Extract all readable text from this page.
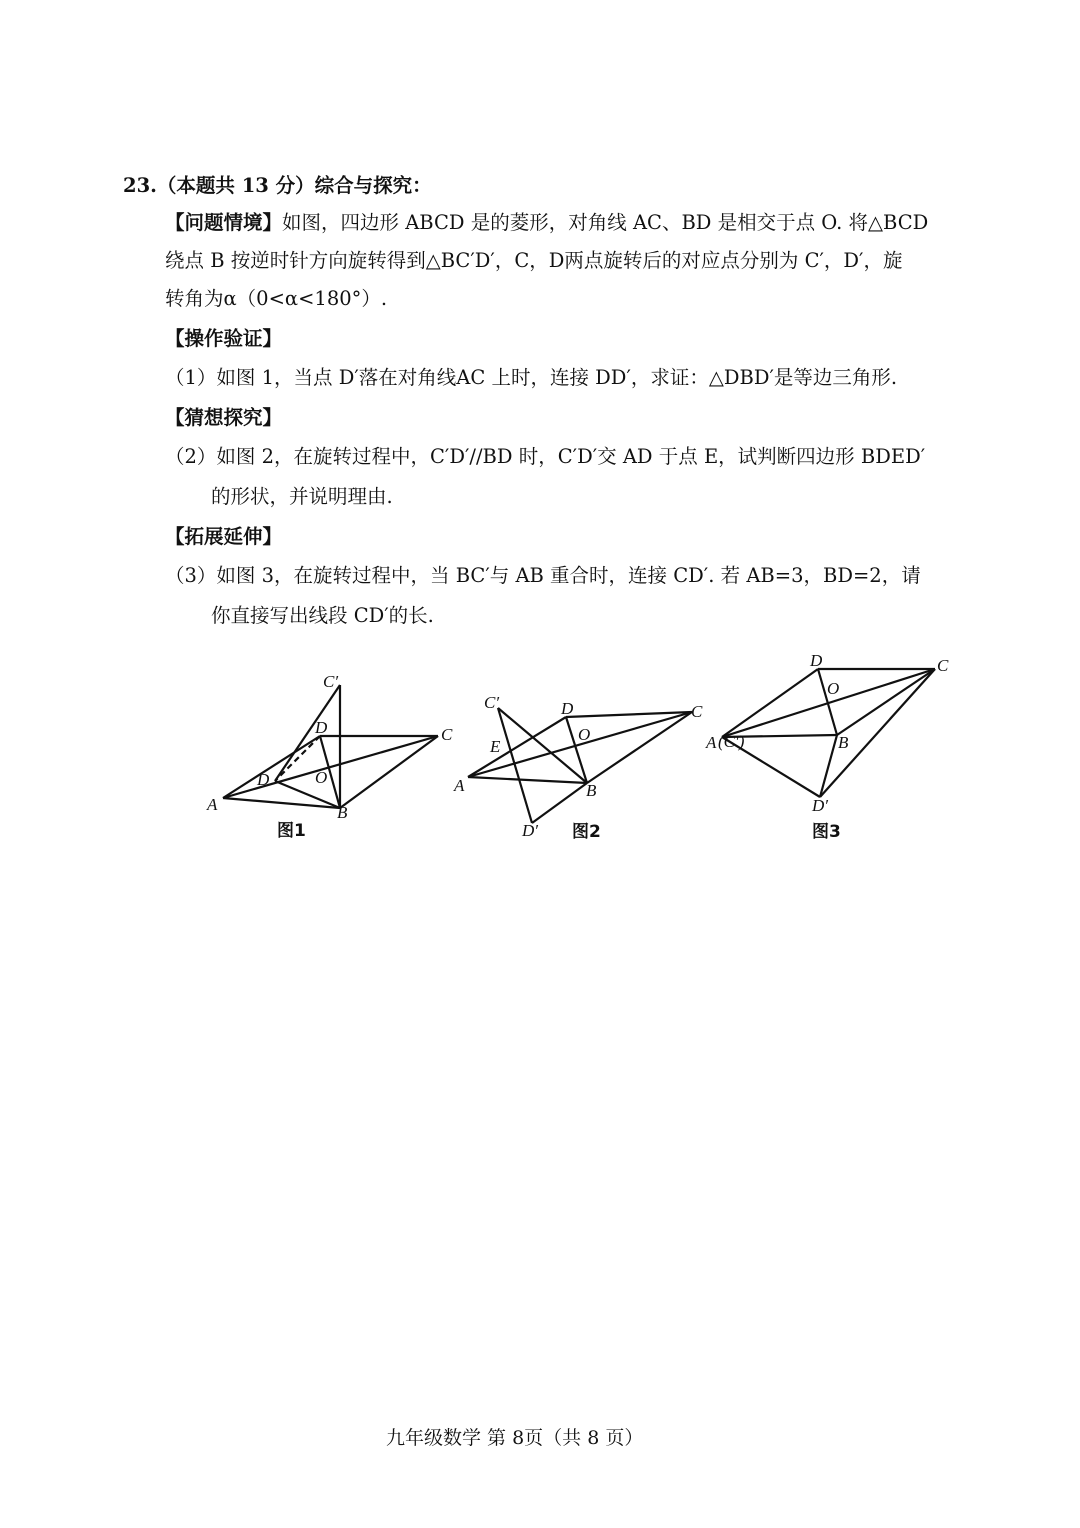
23.（本题共 13 分）综合与探究：
【问题情境】如图，四边形 ABCD 是的菱形，对角线 AC、BD 是相交于点 O. 将△BCD
绕点 B 按逆时针方向旋转得到△BC′D′，C，D两点旋转后的对应点分别为 C′，D′，旋
转角为α（0<α<180°）.
【操作验证】
（1）如图 1，当点 D′落在对角线AC 上时，连接 DD′，求证：△DBD′是等边三角形.
【猜想探究】
（2）如图 2，在旋转过程中，C′D′//BD 时，C′D′交 AD 于点 E，试判断四边形 BDED′
的形状，并说明理由.
【拓展延伸】
（3）如图 3，在旋转过程中，当 BC′与 AB 重合时，连接 CD′. 若 AB=3，BD=2，请
你直接写出线段 CD′的长.
A	B
C
D
O
C′
D
图1
A	B
C
D
O
C′
D′
E
图2
A (C′)	B
C
D
O
D′
图3
九年级数学 第 8页（共 8 页）
